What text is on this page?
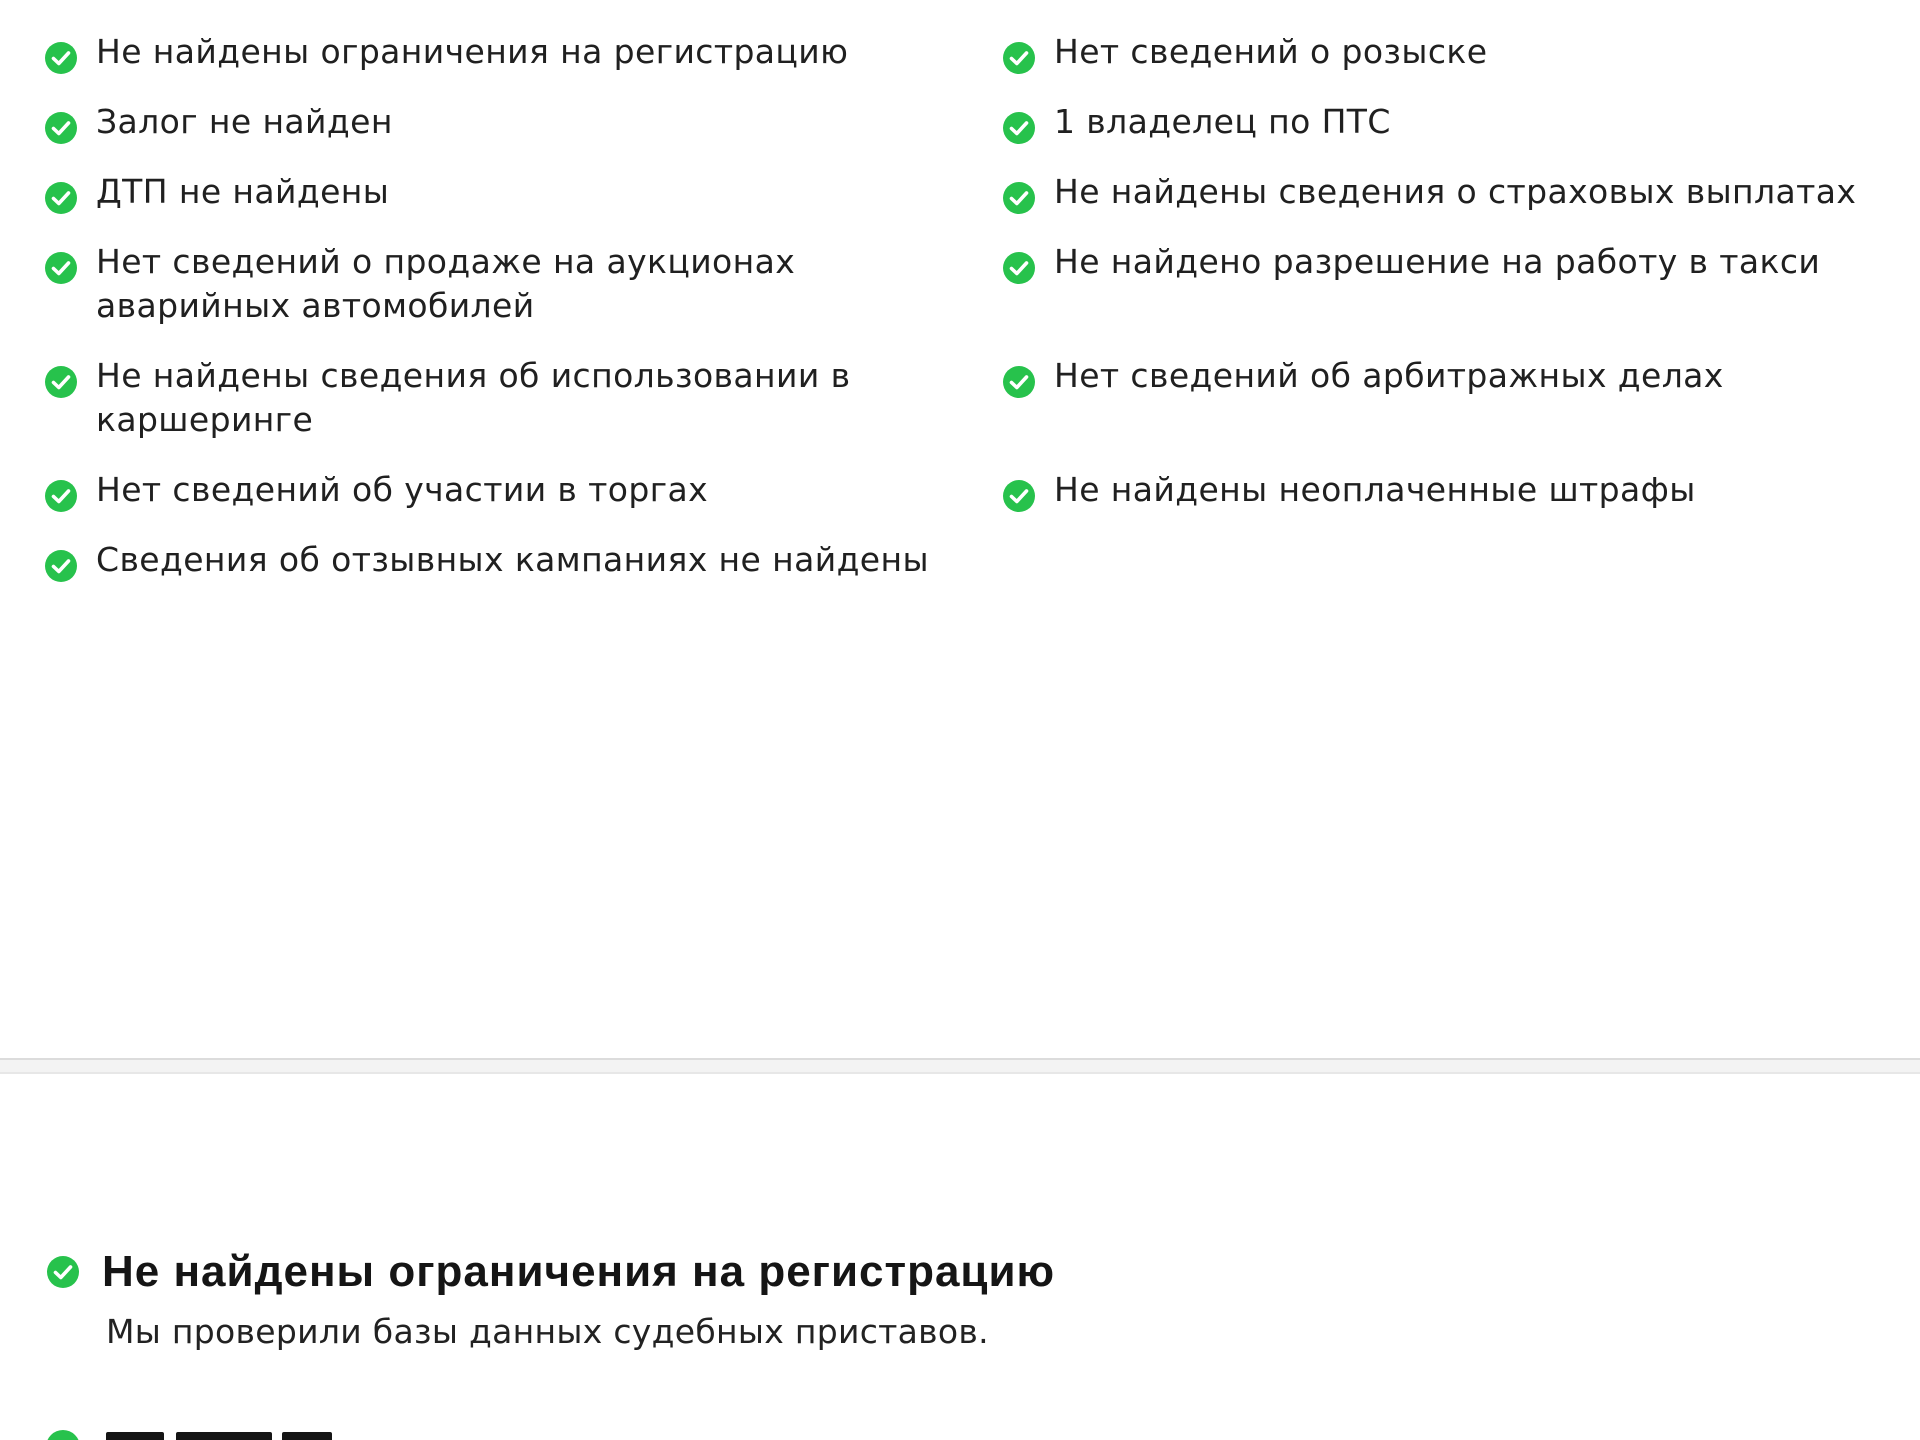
Не найдены ограничения на регистрацию	Нет сведений о розыске
Залог не найден	1 владелец по ПТС
ДТП не найдены	Не найдены сведения о страховых выплатах
Нет сведений о продаже на аукционах аварийных автомобилей
Не найдено разрешение на работу в такси
Не найдены сведения об использовании в каршеринге
Нет сведений об арбитражных делах
Нет сведений об участии в торгах	Не найдены неоплаченные штрафы
Сведения об отзывных кампаниях не найдены
Не найдены ограничения на регистрацию
Мы проверили базы данных судебных приставов.
